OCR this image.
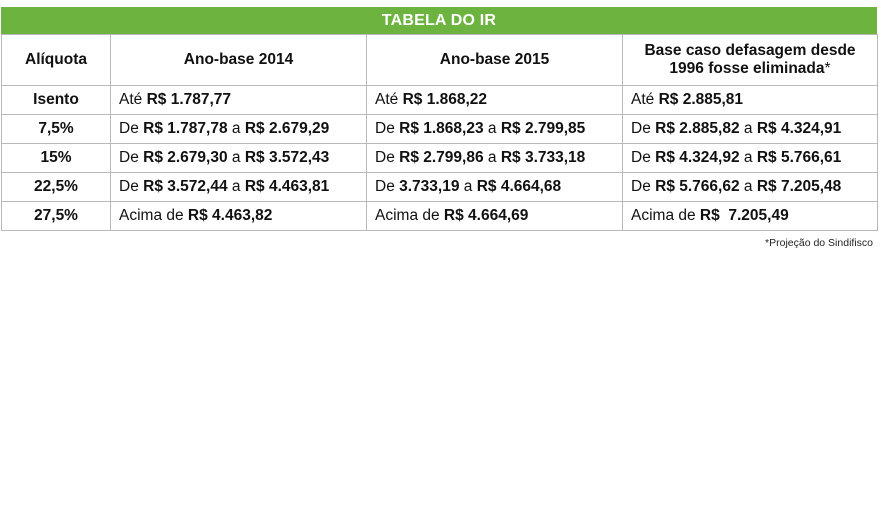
TABELA DO IR
Alíquota	Ano-base 2014	Ano-base 2015	Base caso defasagem desde 1996 fosse eliminada*
Isento	Até R$ 1.787,77	Até R$ 1.868,22	Até R$ 2.885,81
7,5%	De R$ 1.787,78 a R$ 2.679,29	De R$ 1.868,23 a R$ 2.799,85	De R$ 2.885,82 a R$ 4.324,91
15%	De R$ 2.679,30 a R$ 3.572,43	De R$ 2.799,86 a R$ 3.733,18	De R$ 4.324,92 a R$ 5.766,61
22,5%	De R$ 3.572,44 a R$ 4.463,81	De 3.733,19 a R$ 4.664,68	De R$ 5.766,62 a R$ 7.205,48
27,5%	Acima de R$ 4.463,82	Acima de R$ 4.664,69	Acima de R$  7.205,49
*Projeção do Sindifisco
